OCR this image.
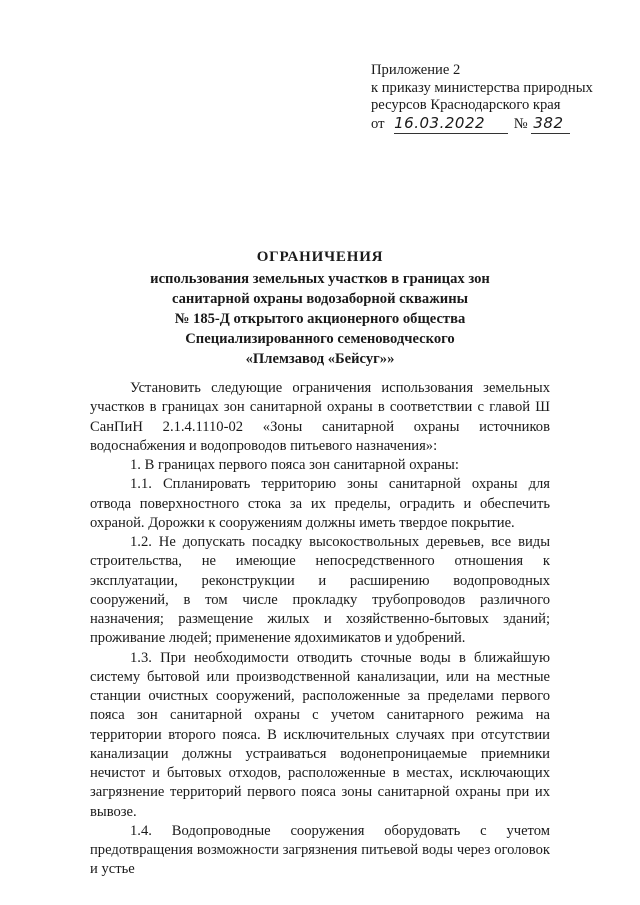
Приложение 2
к приказу министерства природных
ресурсов Краснодарского края
от 16.03.2022 № 382
ОГРАНИЧЕНИЯ
использования земельных участков в границах зон
санитарной охраны водозаборной скважины
№ 185-Д открытого акционерного общества
Специализированного семеноводческого
«Племзавод «Бейсуг»»

Установить следующие ограничения использования земельных участков в границах зон санитарной охраны в соответствии с главой Ш СанПиН 2.1.4.1110-02 «Зоны санитарной охраны источников водоснабжения и водопроводов питьевого назначения»:

1. В границах первого пояса зон санитарной охраны:

1.1. Спланировать территорию зоны санитарной охраны для отвода поверхностного стока за их пределы, оградить и обеспечить охраной. Дорожки к сооружениям должны иметь твердое покрытие.

1.2. Не допускать посадку высокоствольных деревьев, все виды строительства, не имеющие непосредственного отношения к эксплуатации, реконструкции и расширению водопроводных сооружений, в том числе прокладку трубопроводов различного назначения; размещение жилых и хозяйственно-бытовых зданий; проживание людей; применение ядохимикатов и удобрений.

1.3. При необходимости отводить сточные воды в ближайшую систему бытовой или производственной канализации, или на местные станции очистных сооружений, расположенные за пределами первого пояса зон санитарной охраны с учетом санитарного режима на территории второго пояса. В исключительных случаях при отсутствии канализации должны устраиваться водонепроницаемые приемники нечистот и бытовых отходов, расположенные в местах, исключающих загрязнение территорий первого пояса зоны санитарной охраны при их вывозе.

1.4. Водопроводные сооружения оборудовать с учетом предотвращения возможности загрязнения питьевой воды через оголовок и устье
